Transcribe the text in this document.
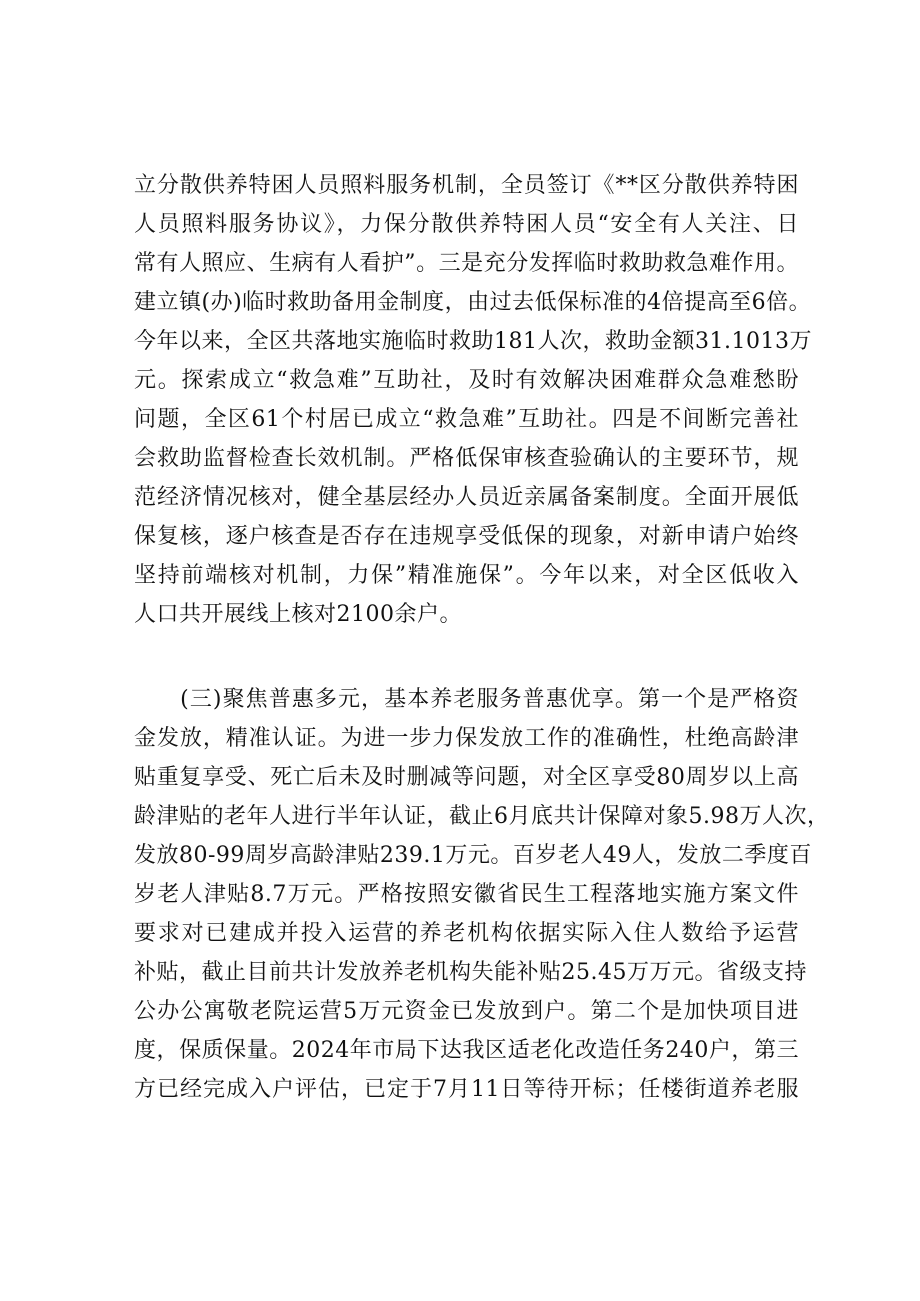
立分散供养特困人员照料服务机制，全员签订《**区分散供养特困
人员照料服务协议》，力保分散供养特困人员“安全有人关注、日
常有人照应、生病有人看护”。三是充分发挥临时救助救急难作用。
建立镇(办)临时救助备用金制度，由过去低保标准的4倍提高至6倍。
今年以来，全区共落地实施临时救助181人次，救助金额31.1013万
元。探索成立“救急难”互助社，及时有效解决困难群众急难愁盼
问题，全区61个村居已成立“救急难”互助社。四是不间断完善社
会救助监督检查长效机制。严格低保审核查验确认的主要环节，规
范经济情况核对，健全基层经办人员近亲属备案制度。全面开展低
保复核，逐户核查是否存在违规享受低保的现象，对新申请户始终
坚持前端核对机制，力保”精准施保”。今年以来，对全区低收入
人口共开展线上核对2100余户。
　　(三)聚焦普惠多元，基本养老服务普惠优享。第一个是严格资
金发放，精准认证。为进一步力保发放工作的准确性，杜绝高龄津
贴重复享受、死亡后未及时删减等问题，对全区享受80周岁以上高
龄津贴的老年人进行半年认证，截止6月底共计保障对象5.98万人次，
发放80-99周岁高龄津贴239.1万元。百岁老人49人，发放二季度百
岁老人津贴8.7万元。严格按照安徽省民生工程落地实施方案文件
要求对已建成并投入运营的养老机构依据实际入住人数给予运营
补贴，截止目前共计发放养老机构失能补贴25.45万万元。省级支持
公办公寓敬老院运营5万元资金已发放到户。第二个是加快项目进
度，保质保量。2024年市局下达我区适老化改造任务240户，第三
方已经完成入户评估，已定于7月11日等待开标；任楼街道养老服
